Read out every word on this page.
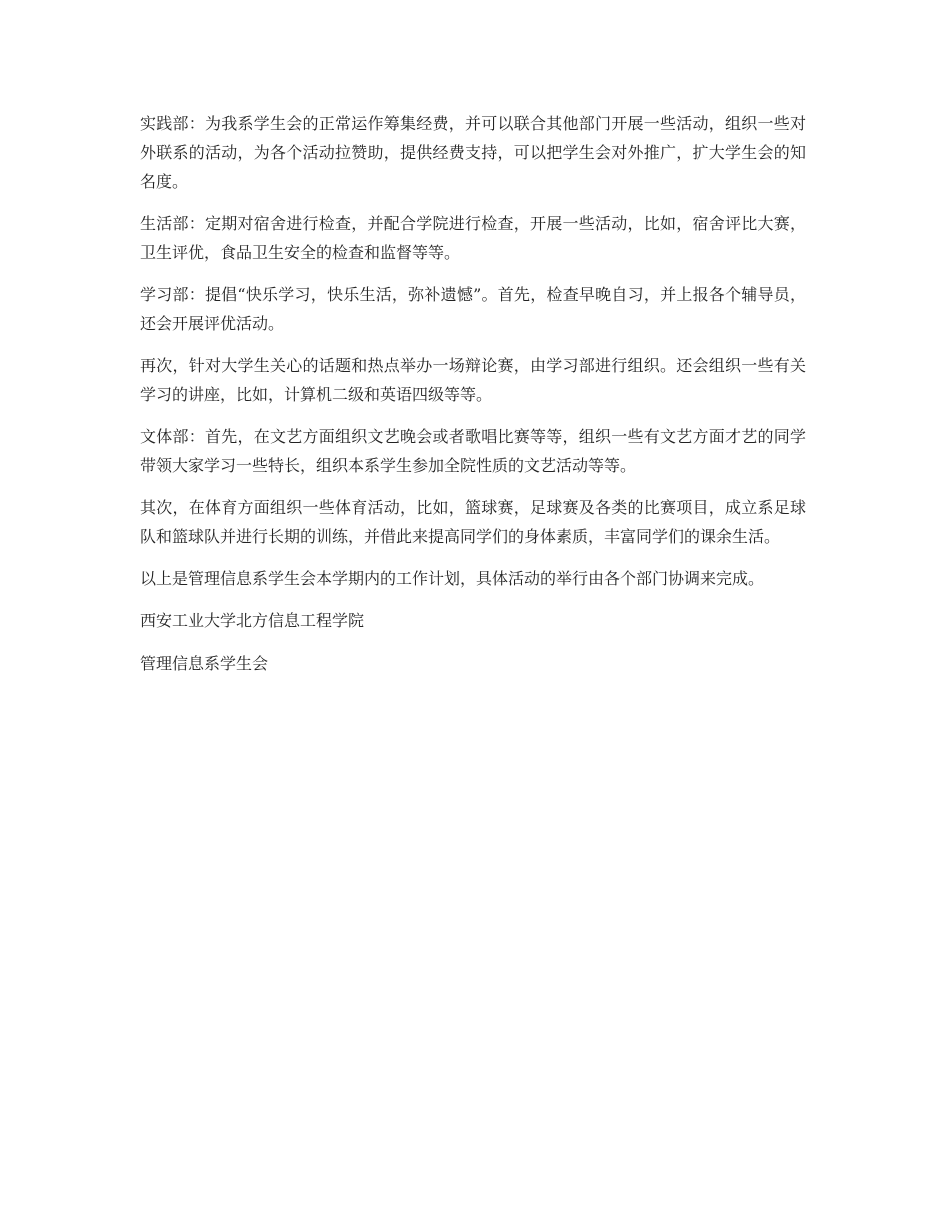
实践部：为我系学生会的正常运作筹集经费，并可以联合其他部门开展一些活动，组织一些对外联系的活动，为各个活动拉赞助，提供经费支持，可以把学生会对外推广，扩大学生会的知名度。

生活部：定期对宿舍进行检查，并配合学院进行检查，开展一些活动，比如，宿舍评比大赛，卫生评优，食品卫生安全的检查和监督等等。

学习部：提倡“快乐学习，快乐生活，弥补遗憾”。首先，检查早晚自习，并上报各个辅导员，还会开展评优活动。

再次，针对大学生关心的话题和热点举办一场辩论赛，由学习部进行组织。还会组织一些有关学习的讲座，比如，计算机二级和英语四级等等。

文体部：首先，在文艺方面组织文艺晚会或者歌唱比赛等等，组织一些有文艺方面才艺的同学带领大家学习一些特长，组织本系学生参加全院性质的文艺活动等等。

其次，在体育方面组织一些体育活动，比如，篮球赛，足球赛及各类的比赛项目，成立系足球队和篮球队并进行长期的训练，并借此来提高同学们的身体素质，丰富同学们的课余生活。

以上是管理信息系学生会本学期内的工作计划，具体活动的举行由各个部门协调来完成。

西安工业大学北方信息工程学院

管理信息系学生会
